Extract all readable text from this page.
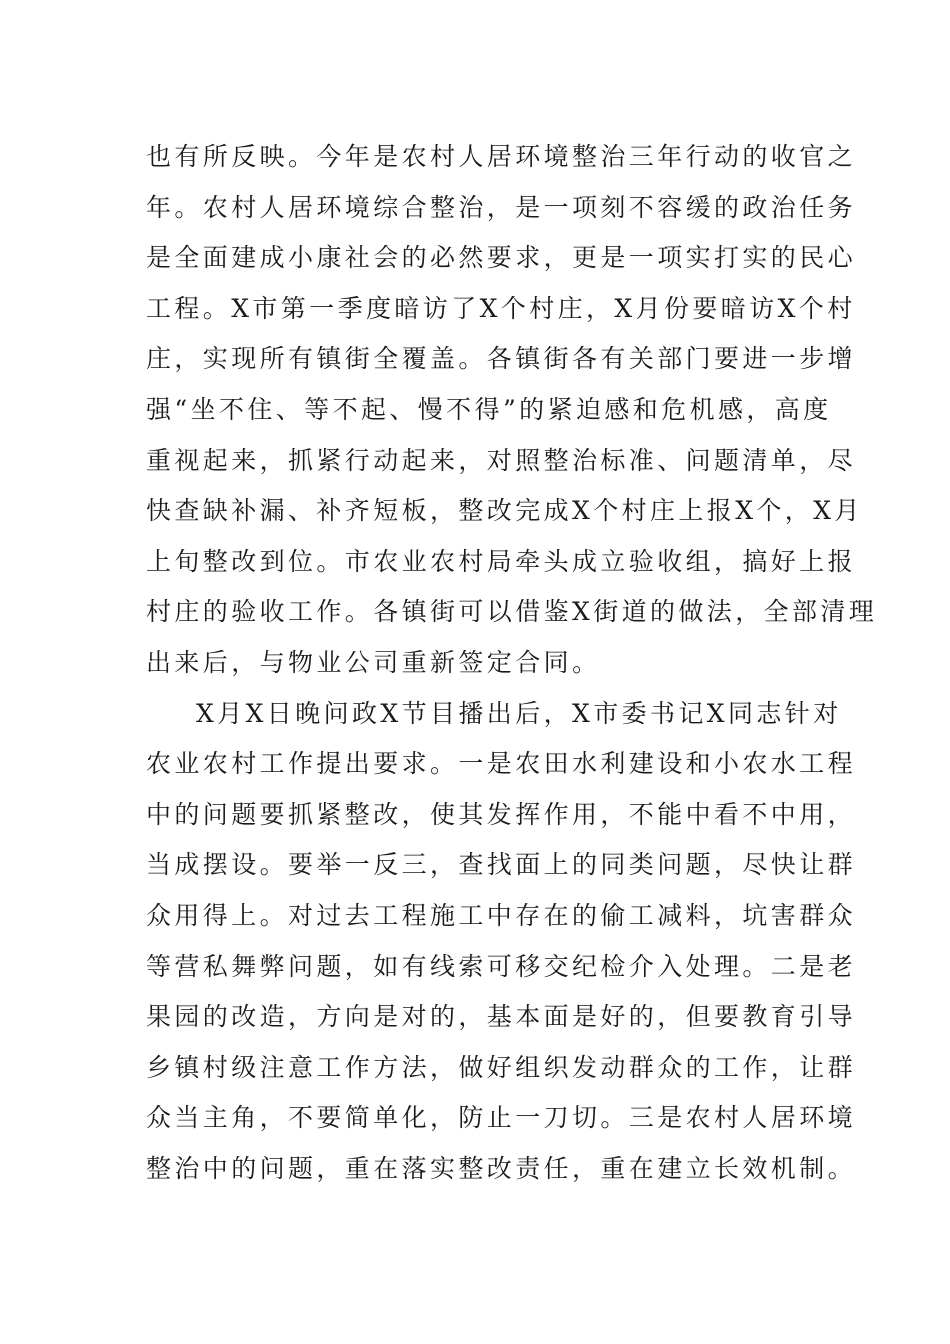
也有所反映。今年是农村人居环境整治三年行动的收官之
年。农村人居环境综合整治，是一项刻不容缓的政治任务
是全面建成小康社会的必然要求，更是一项实打实的民心
工程。X市第一季度暗访了X个村庄，X月份要暗访X个村
庄，实现所有镇街全覆盖。各镇街各有关部门要进一步增
强“坐不住、等不起、慢不得”的紧迫感和危机感，高度
重视起来，抓紧行动起来，对照整治标准、问题清单，尽
快查缺补漏、补齐短板，整改完成X个村庄上报X个，X月
上旬整改到位。市农业农村局牵头成立验收组，搞好上报
村庄的验收工作。各镇街可以借鉴X街道的做法，全部清理
出来后，与物业公司重新签定合同。
X月X日晚问政X节目播出后，X市委书记X同志针对
农业农村工作提出要求。一是农田水利建设和小农水工程
中的问题要抓紧整改，使其发挥作用，不能中看不中用，
当成摆设。要举一反三，查找面上的同类问题，尽快让群
众用得上。对过去工程施工中存在的偷工减料，坑害群众
等营私舞弊问题，如有线索可移交纪检介入处理。二是老
果园的改造，方向是对的，基本面是好的，但要教育引导
乡镇村级注意工作方法，做好组织发动群众的工作，让群
众当主角，不要简单化，防止一刀切。三是农村人居环境
整治中的问题，重在落实整改责任，重在建立长效机制。
